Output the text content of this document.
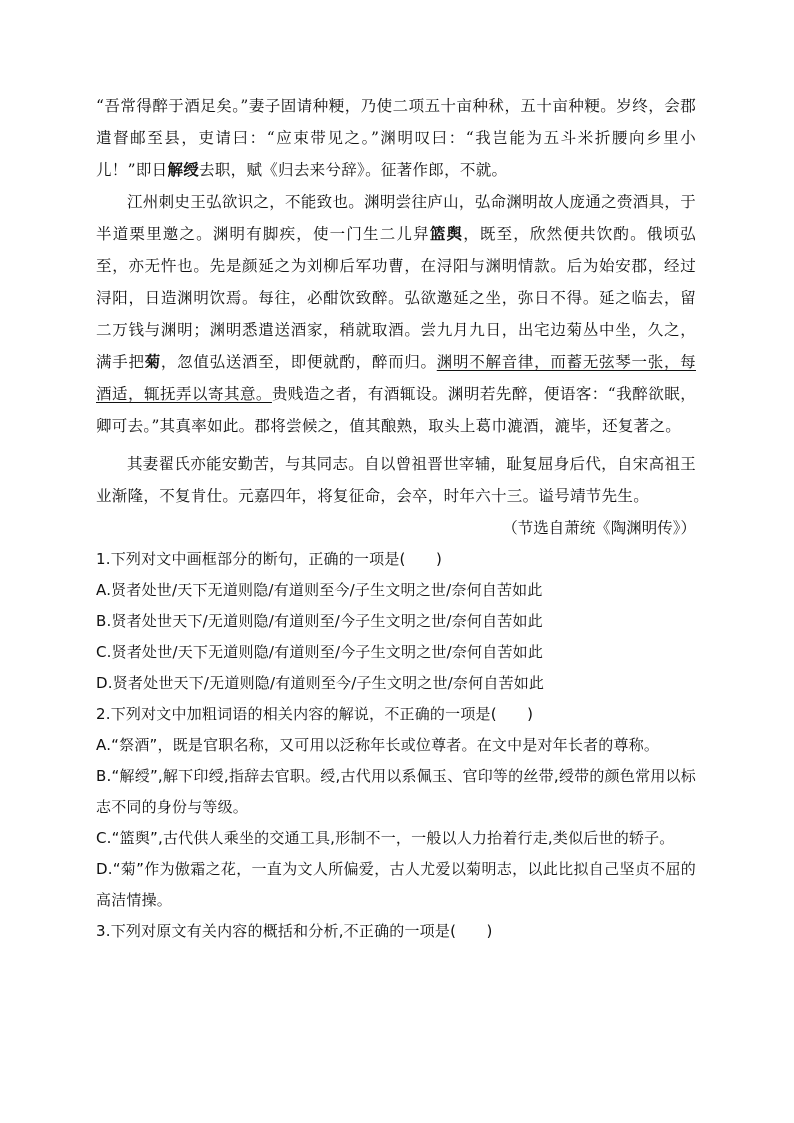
“吾常得醉于酒足矣。”妻子固请种粳，乃使二项五十亩种秫，五十亩种粳。岁终，会郡遣督邮至县，吏请曰：“应束带见之。”渊明叹曰：“我岂能为五斗米折腰向乡里小儿！”即日解绶去职，赋《归去来兮辞》。征著作郎，不就。

江州刺史王弘欲识之，不能致也。渊明尝往庐山，弘命渊明故人庞通之赍酒具，于半道栗里邀之。渊明有脚疾，使一门生二儿舁篮舆，既至，欣然便共饮酌。俄顷弘至，亦无忤也。先是颜延之为刘柳后军功曹，在浔阳与渊明情款。后为始安郡，经过浔阳，日造渊明饮焉。每往，必酣饮致醉。弘欲邀延之坐，弥日不得。延之临去，留二万钱与渊明；渊明悉遣送酒家，稍就取酒。尝九月九日，出宅边菊丛中坐，久之，满手把菊，忽值弘送酒至，即便就酌，醉而归。渊明不解音律，而蓄无弦琴一张，每酒适，辄抚弄以寄其意。贵贱造之者，有酒辄设。渊明若先醉，便语客：“我醉欲眠，卿可去。”其真率如此。郡将尝候之，值其酿熟，取头上葛巾漉酒，漉毕，还复著之。

其妻翟氏亦能安勤苦，与其同志。自以曾祖晋世宰辅，耻复屈身后代，自宋高祖王业渐隆，不复肯仕。元嘉四年，将复征命，会卒，时年六十三。谥号靖节先生。

（节选自萧统《陶渊明传》）

1.下列对文中画框部分的断句，正确的一项是(　　)

A.贤者处世/天下无道则隐/有道则至今/子生文明之世/奈何自苦如此

B.贤者处世天下/无道则隐/有道则至/今子生文明之世/奈何自苦如此

C.贤者处世/天下无道则隐/有道则至/今子生文明之世/奈何自苦如此

D.贤者处世天下/无道则隐/有道则至今/子生文明之世/奈何自苦如此

2.下列对文中加粗词语的相关内容的解说，不正确的一项是(　　)

A.“祭酒”，既是官职名称，又可用以泛称年长或位尊者。在文中是对年长者的尊称。

B.“解绶”,解下印绶,指辞去官职。绶,古代用以系佩玉、官印等的丝带,绶带的颜色常用以标志不同的身份与等级。

C.“篮舆”,古代供人乘坐的交通工具,形制不一，一般以人力抬着行走,类似后世的轿子。

D.“菊”作为傲霜之花，一直为文人所偏爱，古人尤爱以菊明志，以此比拟自己坚贞不屈的高洁情操。

3.下列对原文有关内容的概括和分析,不正确的一项是(　　)
